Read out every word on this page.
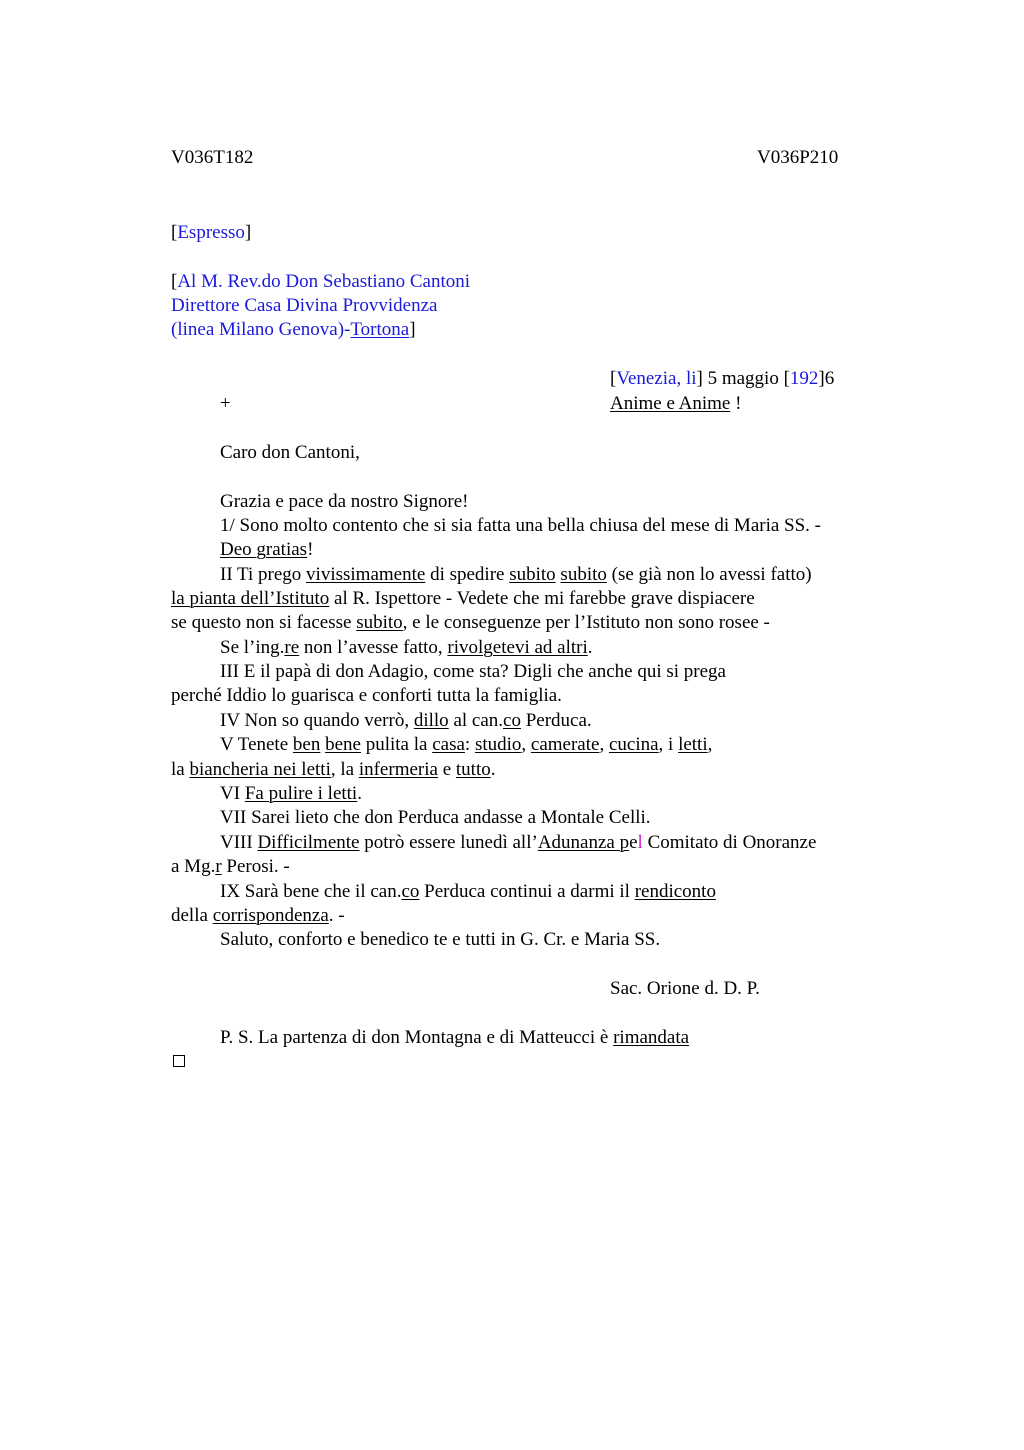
V036T182	V036P210
[Espresso]
[Al M. Rev.do Don Sebastiano Cantoni
Direttore Casa Divina Provvidenza
(linea Milano Genova)-Tortona]
[Venezia, li] 5 maggio [192]6
+	Anime e Anime !
Caro don Cantoni,
Grazia e pace da nostro Signore!
1/ Sono molto contento che si sia fatta una bella chiusa del mese di Maria SS. -
Deo gratias!
II Ti prego vivissimamente di spedire subito subito (se già non lo avessi fatto)
la pianta dell’Istituto al R. Ispettore - Vedete che mi farebbe grave dispiacere
se questo non si facesse subito, e le conseguenze per l’Istituto non sono rosee -
Se l’ing.re non l’avesse fatto, rivolgetevi ad altri.
III E il papà di don Adagio, come sta? Digli che anche qui si prega
perché Iddio lo guarisca e conforti tutta la famiglia.
IV Non so quando verrò, dillo al can.co Perduca.
V Tenete ben bene pulita la casa: studio, camerate, cucina, i letti,
la biancheria nei letti, la infermeria e tutto.
VI Fa pulire i letti.
VII Sarei lieto che don Perduca andasse a Montale Celli.
VIII Difficilmente potrò essere lunedì all’Adunanza pel Comitato di Onoranze
a Mg.r Perosi. -
IX Sarà bene che il can.co Perduca continui a darmi il rendiconto
della corrispondenza. -
Saluto, conforto e benedico te e tutti in G. Cr. e Maria SS.
Sac. Orione d. D. P.
P. S. La partenza di don Montagna e di Matteucci è rimandata
